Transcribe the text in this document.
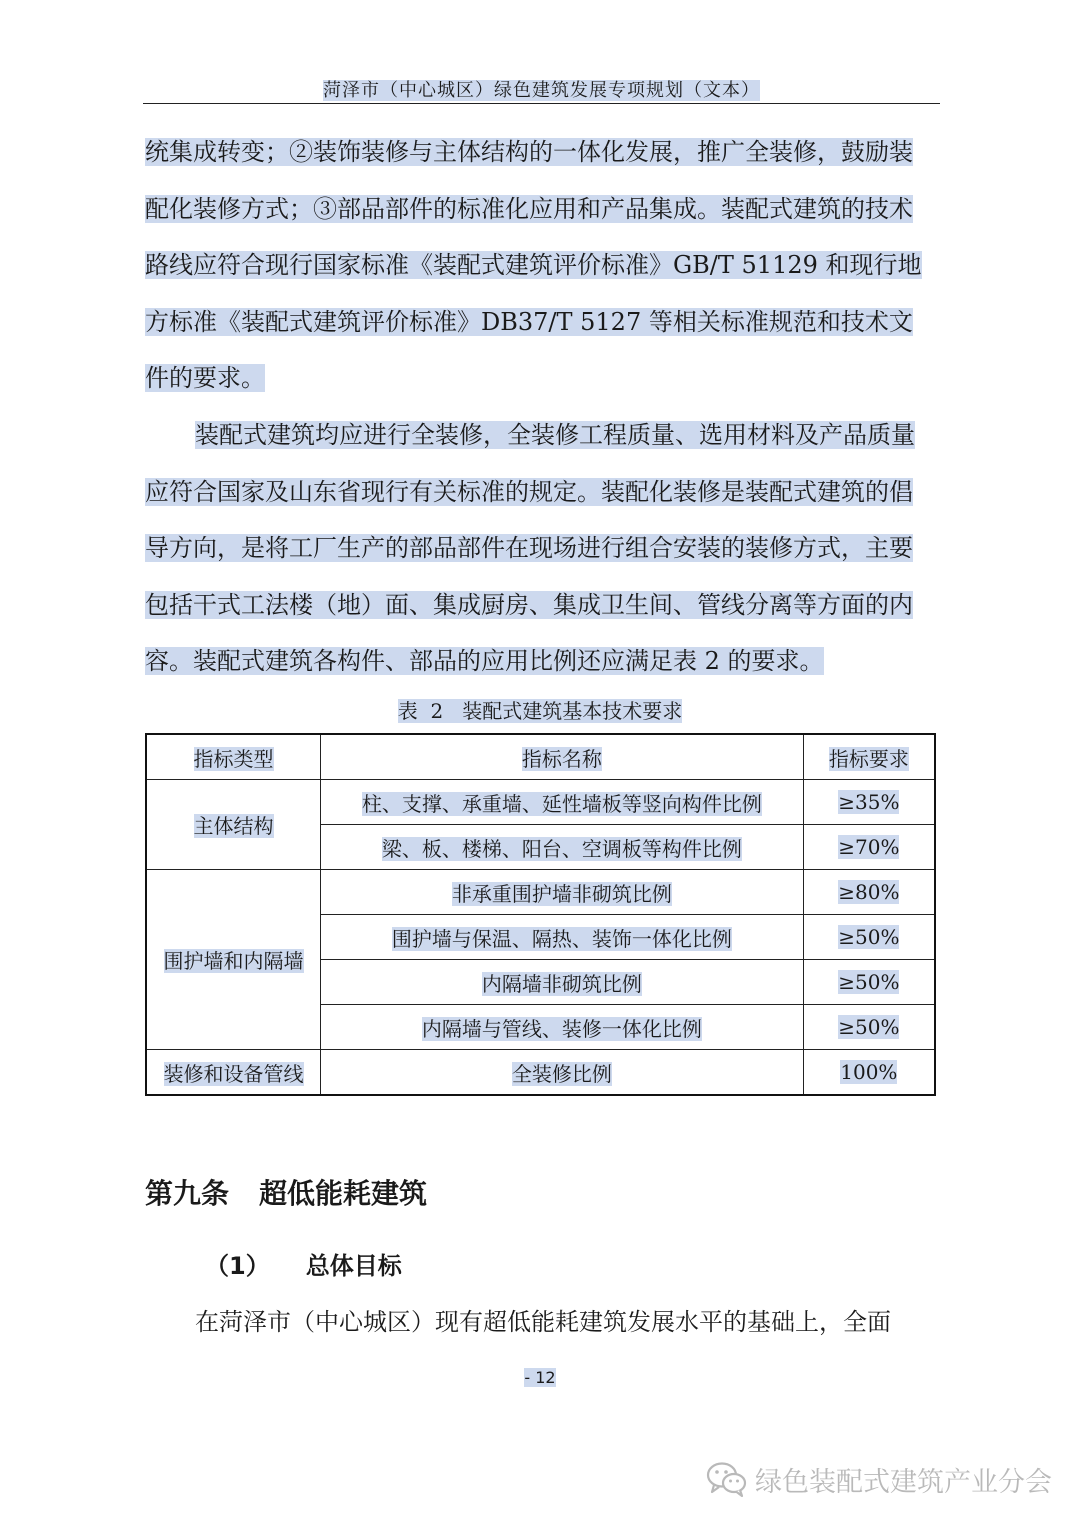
菏泽市（中心城区）绿色建筑发展专项规划（文本）
统集成转变；②装饰装修与主体结构的一体化发展，推广全装修，鼓励装配化装修方式；③部品部件的标准化应用和产品集成。装配式建筑的技术路线应符合现行国家标准《装配式建筑评价标准》GB/T 51129 和现行地方标准《装配式建筑评价标准》DB37/T 5127 等相关标准规范和技术文件的要求。
装配式建筑均应进行全装修，全装修工程质量、选用材料及产品质量应符合国家及山东省现行有关标准的规定。装配化装修是装配式建筑的倡导方向，是将工厂生产的部品部件在现场进行组合安装的装修方式，主要包括干式工法楼（地）面、集成厨房、集成卫生间、管线分离等方面的内容。装配式建筑各构件、部品的应用比例还应满足表 2 的要求。
表  2 装配式建筑基本技术要求
指标类型	指标名称	指标要求
主体结构	柱、支撑、承重墙、延性墙板等竖向构件比例	≥35%
	梁、板、楼梯、阳台、空调板等构件比例	≥70%
围护墙和内隔墙	非承重围护墙非砌筑比例	≥80%
	围护墙与保温、隔热、装饰一体化比例	≥50%
	内隔墙非砌筑比例	≥50%
	内隔墙与管线、装修一体化比例	≥50%
装修和设备管线	全装修比例	100%
第九条 超低能耗建筑
（1） 总体目标
在菏泽市（中心城区）现有超低能耗建筑发展水平的基础上，全面
- 12
绿色装配式建筑产业分会
